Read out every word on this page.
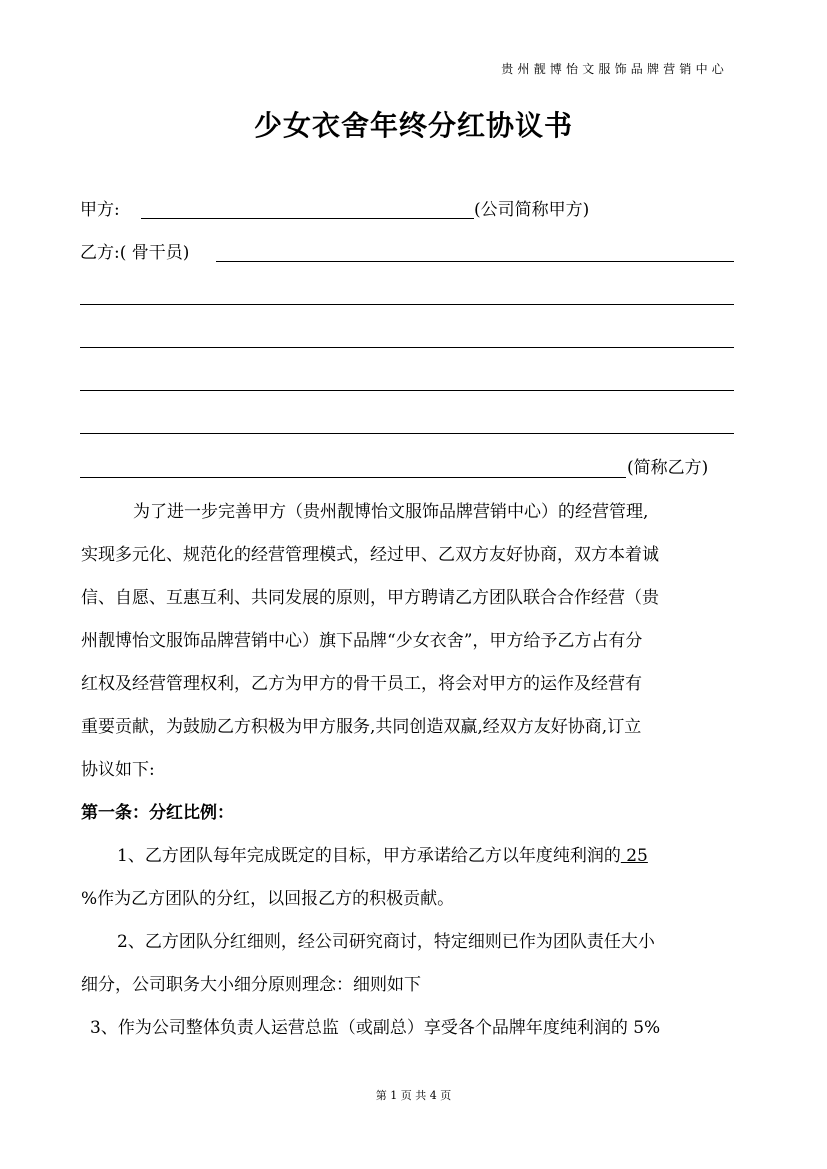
贵州靓博怡文服饰品牌营销中心
少女衣舍年终分红协议书
甲方:	(公司简称甲方)
乙方:( 骨干员)
(简称乙方)
为了进一步完善甲方（贵州靓博怡文服饰品牌营销中心）的经营管理,
实现多元化、规范化的经营管理模式，经过甲、乙双方友好协商，双方本着诚
信、自愿、互惠互利、共同发展的原则，甲方聘请乙方团队联合合作经营（贵
州靓博怡文服饰品牌营销中心）旗下品牌“少女衣舍”，甲方给予乙方占有分
红权及经营管理权利，乙方为甲方的骨干员工，将会对甲方的运作及经营有
重要贡献，为鼓励乙方积极为甲方服务,共同创造双赢,经双方友好协商,订立
协议如下:
第一条：分红比例：
1、乙方团队每年完成既定的目标，甲方承诺给乙方以年度纯利润的 25
%作为乙方团队的分红，以回报乙方的积极贡献。
2、乙方团队分红细则，经公司研究商讨，特定细则已作为团队责任大小
细分，公司职务大小细分原则理念：细则如下
3、作为公司整体负责人运营总监（或副总）享受各个品牌年度纯利润的 5%
第 1 页 共 4 页
